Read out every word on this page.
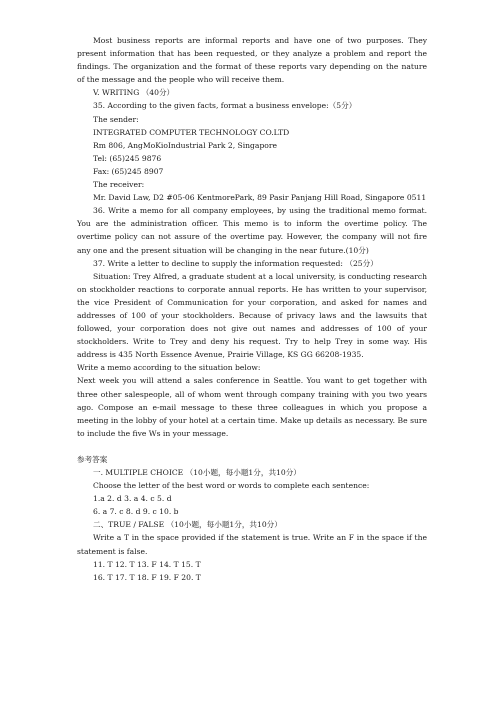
Most business reports are informal reports and have one of two purposes. They present information that has been requested, or they analyze a problem and report the findings. The organization and the format of these reports vary depending on the nature of the message and the people who will receive them.

V. WRITING （40分）

35. According to the given facts, format a business envelope:（5分）

The sender:

INTEGRATED COMPUTER TECHNOLOGY CO.LTD

Rm 806, AngMoKioIndustrial Park 2, Singapore

Tel: (65)245 9876

Fax: (65)245 8907

The receiver:

Mr. David Law, D2 #05-06 KentmorePark, 89 Pasir Panjang Hill Road, Singapore 0511

36. Write a memo for all company employees, by using the traditional memo format. You are the administration officer. This memo is to inform the overtime policy. The overtime policy can not assure of the overtime pay. However, the company will not fire any one and the present situation will be changing in the near future.(10分)

37. Write a letter to decline to supply the information requested: （25分）

Situation: Trey Alfred, a graduate student at a local university, is conducting research on stockholder reactions to corporate annual reports. He has written to your supervisor, the vice President of Communication for your corporation, and asked for names and addresses of 100 of your stockholders. Because of privacy laws and the lawsuits that followed, your corporation does not give out names and addresses of 100 of your stockholders. Write to Trey and deny his request. Try to help Trey in some way. His address is 435 North Essence Avenue, Prairie Village, KS GG 66208-1935.

Write a memo according to the situation below:

Next week you will attend a sales conference in Seattle. You want to get together with three other salespeople, all of whom went through company training with you two years ago. Compose an e-mail message to these three colleagues in which you propose a meeting in the lobby of your hotel at a certain time. Make up details as necessary. Be sure to include the five Ws in your message.

参考答案

一. MULTIPLE CHOICE （10小题，每小题1分，共10分）

Choose the letter of the best word or words to complete each sentence:

1.a 2. d 3. a 4. c 5. d

6. a 7. c 8. d 9. c 10. b

二、TRUE / FALSE （10小题，每小题1分，共10分）

Write a T in the space provided if the statement is true. Write an F in the space if the statement is false.

11. T 12. T 13. F 14. T 15. T

16. T 17. T 18. F 19. F 20. T
